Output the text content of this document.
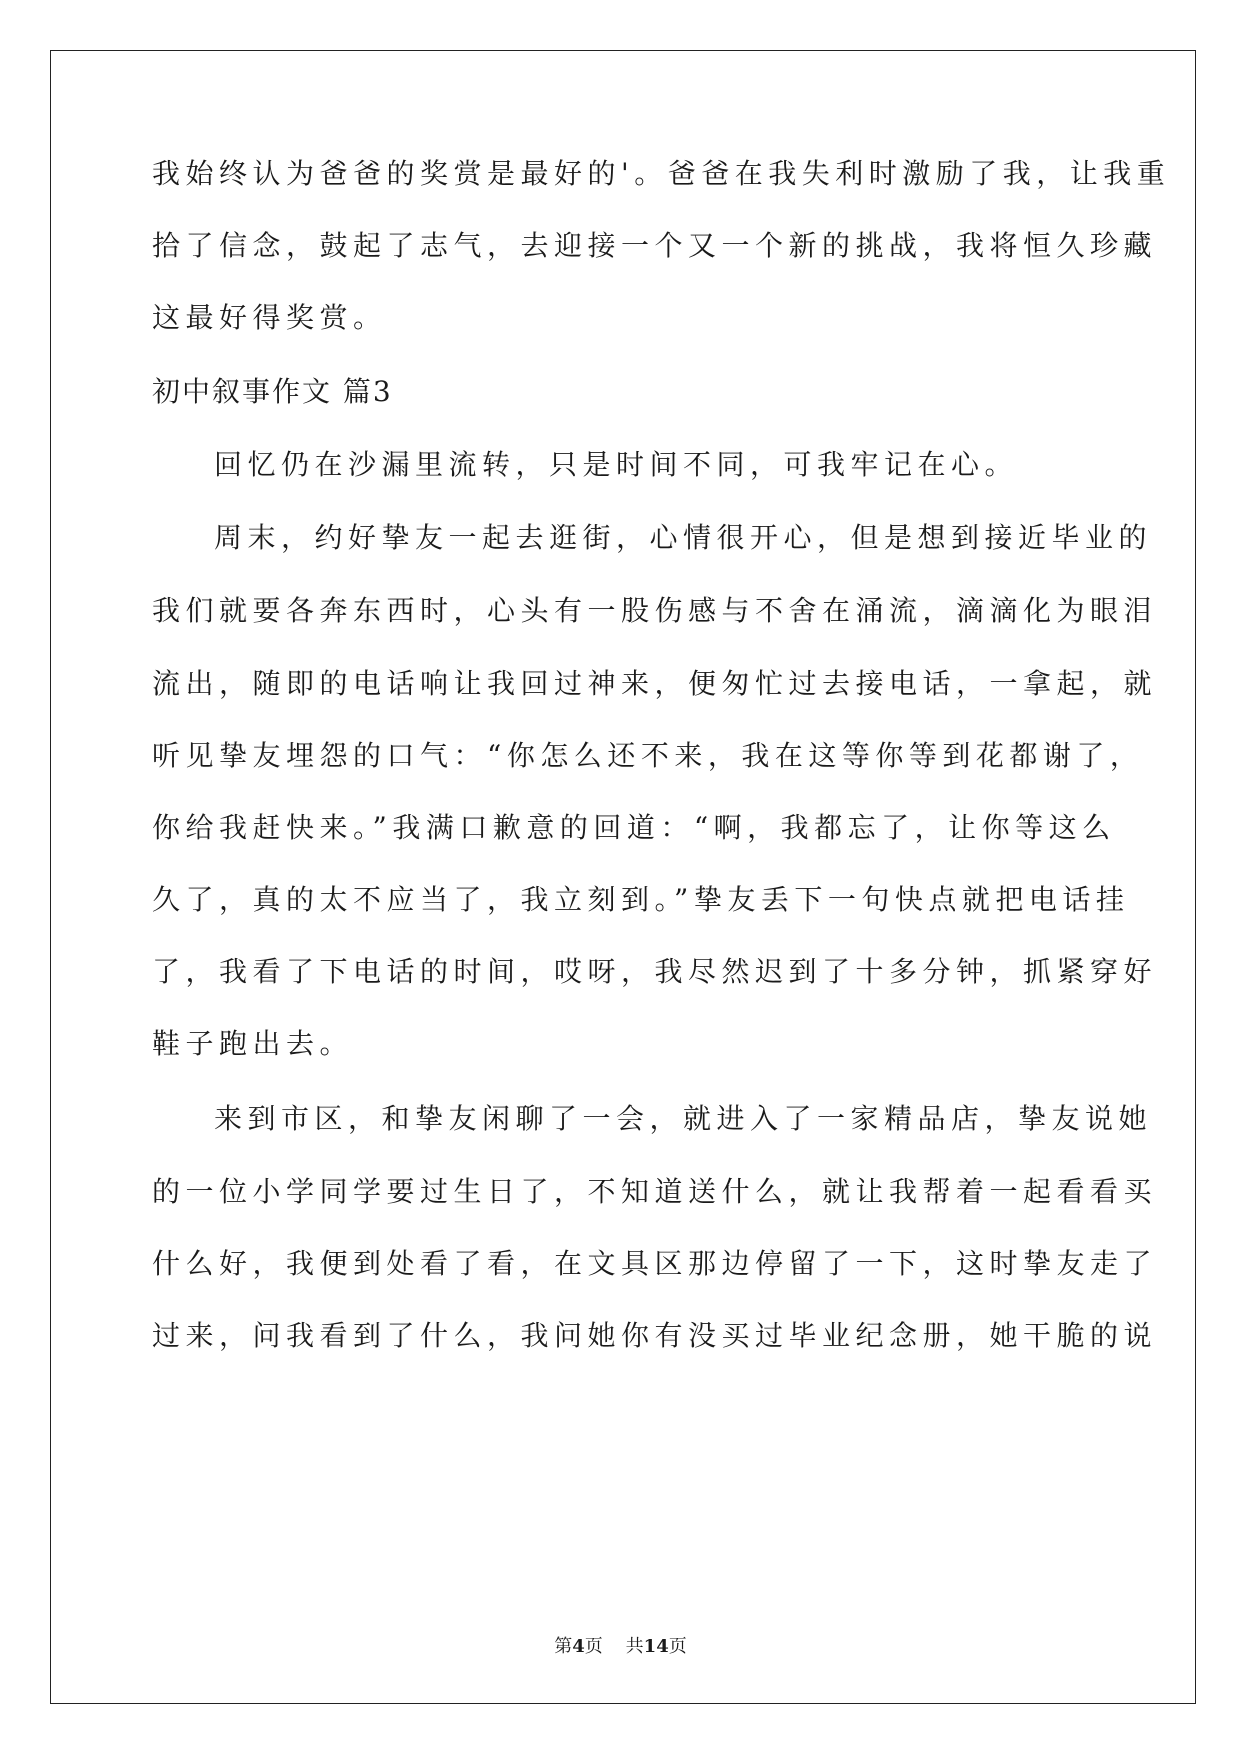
我始终认为爸爸的奖赏是最好的'。爸爸在我失利时激励了我，让我重
拾了信念，鼓起了志气，去迎接一个又一个新的挑战，我将恒久珍藏
这最好得奖赏。
初中叙事作文 篇3
回忆仍在沙漏里流转，只是时间不同，可我牢记在心。
周末，约好挚友一起去逛街，心情很开心，但是想到接近毕业的
我们就要各奔东西时，心头有一股伤感与不舍在涌流，滴滴化为眼泪
流出，随即的电话响让我回过神来，便匆忙过去接电话，一拿起，就
听见挚友埋怨的口气：“你怎么还不来，我在这等你等到花都谢了，
你给我赶快来。”我满口歉意的回道：“啊，我都忘了，让你等这么
久了，真的太不应当了，我立刻到。”挚友丢下一句快点就把电话挂
了，我看了下电话的时间，哎呀，我尽然迟到了十多分钟，抓紧穿好
鞋子跑出去。
来到市区，和挚友闲聊了一会，就进入了一家精品店，挚友说她
的一位小学同学要过生日了，不知道送什么，就让我帮着一起看看买
什么好，我便到处看了看，在文具区那边停留了一下，这时挚友走了
过来，问我看到了什么，我问她你有没买过毕业纪念册，她干脆的说
第4页 共14页
